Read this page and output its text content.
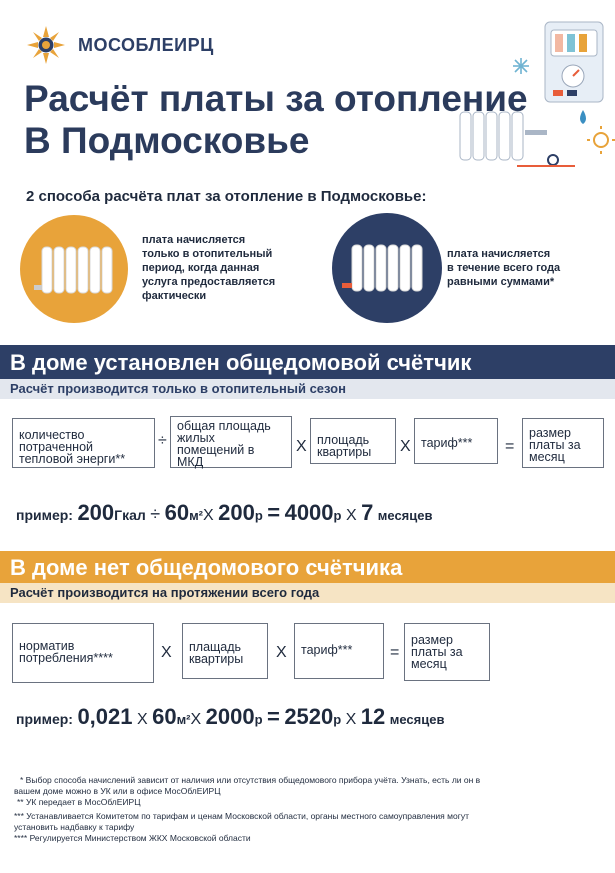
МОСОБЛЕИРЦ
Расчёт платы за отопление
В Подмосковье
2 способа расчёта плат за отопление в Подмосковье:
плата начисляется
только в отопительный
период, когда данная
услуга предоставляется
фактически
плата начисляется
в течение всего года
равными суммами*
В доме установлен общедомовой счётчик
Расчёт производится только в отопительный сезон
количество
потраченной
тепловой энерги**
÷
общая площадь
жилых
помещений в
МКД
X площадь
квартиры	X тариф***	=
размер
платы за
месяц
пример: 200Гкал ÷ 60м²X 200р = 4000р X 7 месяцев
В доме нет общедомового счётчика
Расчёт производится на протяжении всего года
норматив
потребления****	X плащадь
квартиры	X тариф***	=
размер
платы за
месяц
пример: 0,021 X 60м²X 2000р = 2520р X 12 месяцев
* Выбор способа начислений зависит от наличия или отсутствия общедомового прибора учёта. Узнать, есть ли он в
вашем доме можно в УК или в офисе МосОблЕИРЦ
** УК передает в МосОблЕИРЦ
*** Устанавливается Комитетом по тарифам и ценам Московской области, органы местного самоуправления могут
установить надбавку к тарифу
**** Регулируется Министерством ЖКХ Московской области
